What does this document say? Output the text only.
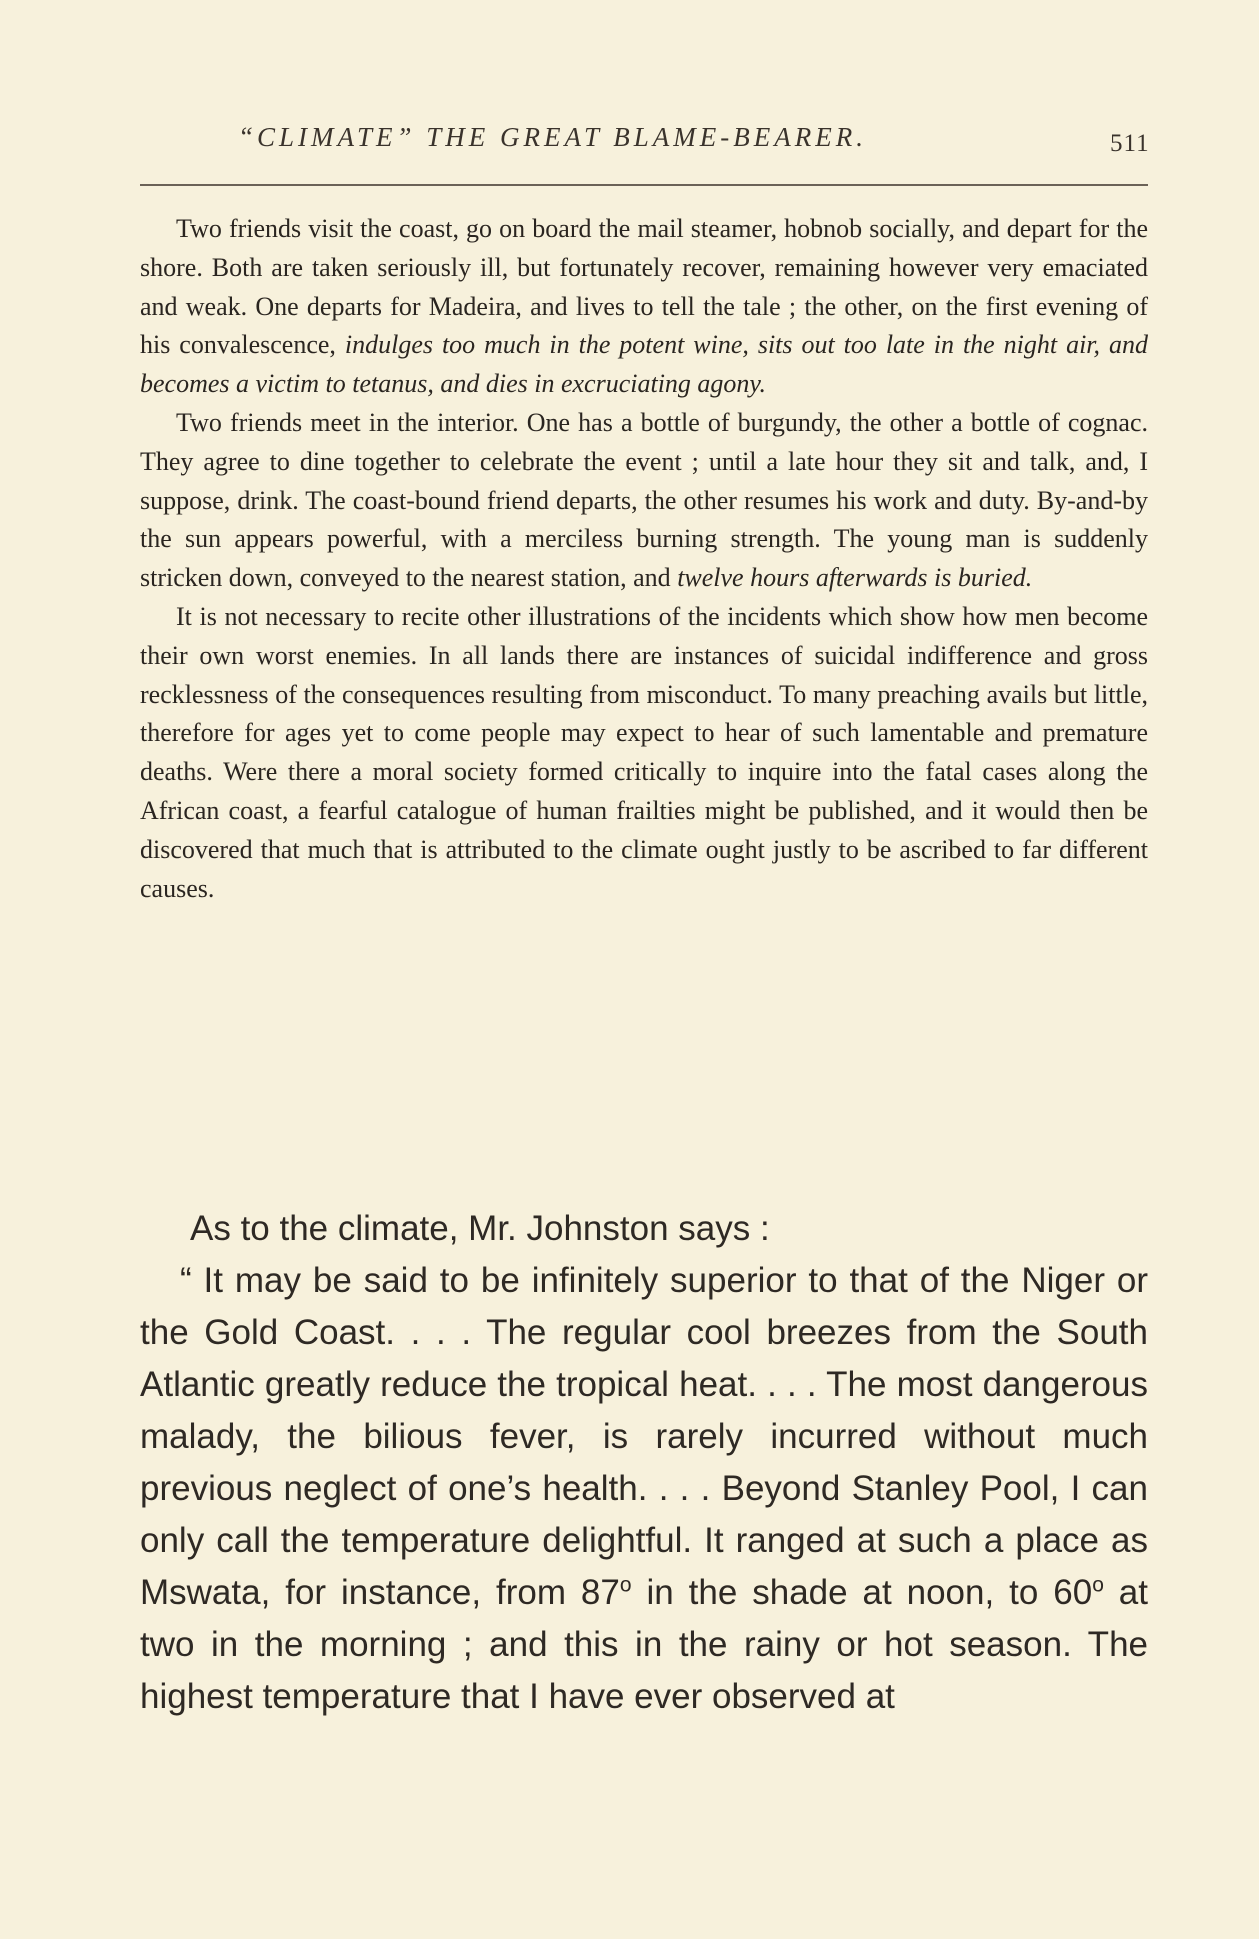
“CLIMATE” THE GREAT BLAME-BEARER.	511

Two friends visit the coast, go on board the mail steamer, hobnob socially, and depart for the shore. Both are taken seriously ill, but fortunately recover, remaining however very emaciated and weak. One departs for Madeira, and lives to tell the tale ; the other, on the first evening of his convalescence, indulges too much in the potent wine, sits out too late in the night air, and becomes a victim to tetanus, and dies in excruciating agony.

Two friends meet in the interior. One has a bottle of burgundy, the other a bottle of cognac. They agree to dine together to celebrate the event ; until a late hour they sit and talk, and, I suppose, drink. The coast-bound friend departs, the other resumes his work and duty. By-and-by the sun appears powerful, with a merciless burning strength. The young man is suddenly stricken down, conveyed to the nearest station, and twelve hours afterwards is buried.

It is not necessary to recite other illustrations of the incidents which show how men become their own worst enemies. In all lands there are instances of suicidal indifference and gross recklessness of the consequences resulting from misconduct. To many preaching avails but little, therefore for ages yet to come people may expect to hear of such lamentable and premature deaths. Were there a moral society formed critically to inquire into the fatal cases along the African coast, a fearful catalogue of human frailties might be published, and it would then be discovered that much that is attributed to the climate ought justly to be ascribed to far different causes.

As to the climate, Mr. Johnston says :

“ It may be said to be infinitely superior to that of the Niger or the Gold Coast. . . . The regular cool breezes from the South Atlantic greatly reduce the tropical heat. . . . The most dangerous malady, the bilious fever, is rarely incurred without much previous neglect of one’s health. . . . Beyond Stanley Pool, I can only call the temperature delightful. It ranged at such a place as Mswata, for instance, from 87$^o$ in the shade at noon, to 60$^o$ at two in the morning ; and this in the rainy or hot season. The highest temperature that I have ever observed at
